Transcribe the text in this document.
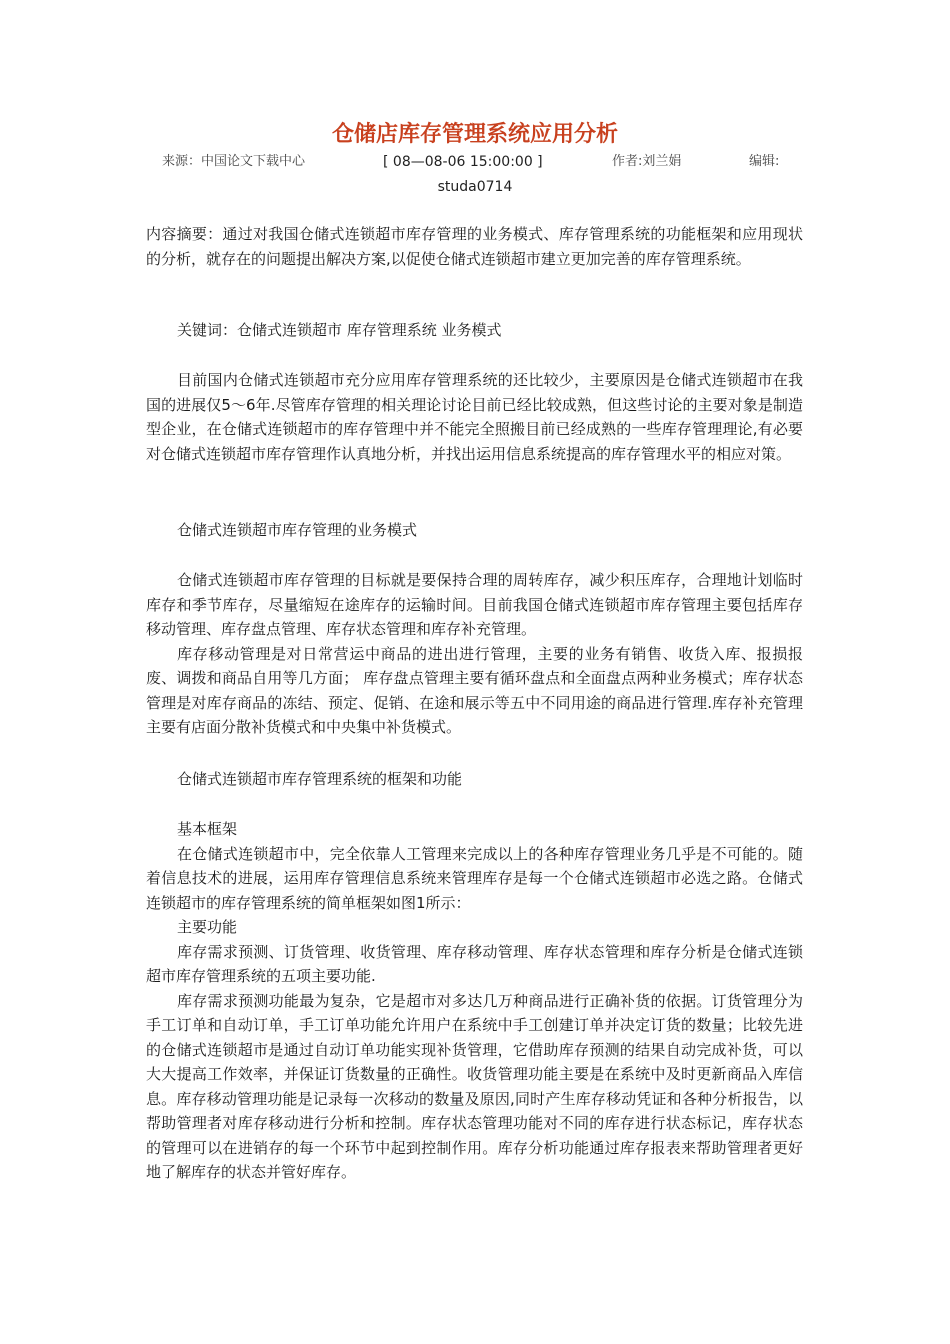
仓储店库存管理系统应用分析
来源：中国论文下载中心	[ 08—08-06 15:00:00 ]	作者:刘兰娟	编辑:
studa0714

内容摘要：通过对我国仓储式连锁超市库存管理的业务模式、库存管理系统的功能框架和应用现状的分析，就存在的问题提出解决方案,以促使仓储式连锁超市建立更加完善的库存管理系统。

关键词：仓储式连锁超市 库存管理系统 业务模式

目前国内仓储式连锁超市充分应用库存管理系统的还比较少，主要原因是仓储式连锁超市在我国的进展仅5～6年.尽管库存管理的相关理论讨论目前已经比较成熟，但这些讨论的主要对象是制造型企业，在仓储式连锁超市的库存管理中并不能完全照搬目前已经成熟的一些库存管理理论,有必要对仓储式连锁超市库存管理作认真地分析，并找出运用信息系统提高的库存管理水平的相应对策。

仓储式连锁超市库存管理的业务模式

仓储式连锁超市库存管理的目标就是要保持合理的周转库存，减少积压库存，合理地计划临时库存和季节库存，尽量缩短在途库存的运输时间。目前我国仓储式连锁超市库存管理主要包括库存移动管理、库存盘点管理、库存状态管理和库存补充管理。

库存移动管理是对日常营运中商品的进出进行管理，主要的业务有销售、收货入库、报损报废、调拨和商品自用等几方面； 库存盘点管理主要有循环盘点和全面盘点两种业务模式；库存状态管理是对库存商品的冻结、预定、促销、在途和展示等五中不同用途的商品进行管理.库存补充管理主要有店面分散补货模式和中央集中补货模式。

仓储式连锁超市库存管理系统的框架和功能

基本框架

在仓储式连锁超市中，完全依靠人工管理来完成以上的各种库存管理业务几乎是不可能的。随着信息技术的进展，运用库存管理信息系统来管理库存是每一个仓储式连锁超市必选之路。仓储式连锁超市的库存管理系统的简单框架如图1所示：

主要功能

库存需求预测、订货管理、收货管理、库存移动管理、库存状态管理和库存分析是仓储式连锁超市库存管理系统的五项主要功能.

库存需求预测功能最为复杂，它是超市对多达几万种商品进行正确补货的依据。订货管理分为手工订单和自动订单，手工订单功能允许用户在系统中手工创建订单并决定订货的数量；比较先进的仓储式连锁超市是通过自动订单功能实现补货管理，它借助库存预测的结果自动完成补货，可以大大提高工作效率，并保证订货数量的正确性。收货管理功能主要是在系统中及时更新商品入库信息。库存移动管理功能是记录每一次移动的数量及原因,同时产生库存移动凭证和各种分析报告，以帮助管理者对库存移动进行分析和控制。库存状态管理功能对不同的库存进行状态标记，库存状态的管理可以在进销存的每一个环节中起到控制作用。库存分析功能通过库存报表来帮助管理者更好地了解库存的状态并管好库存。
